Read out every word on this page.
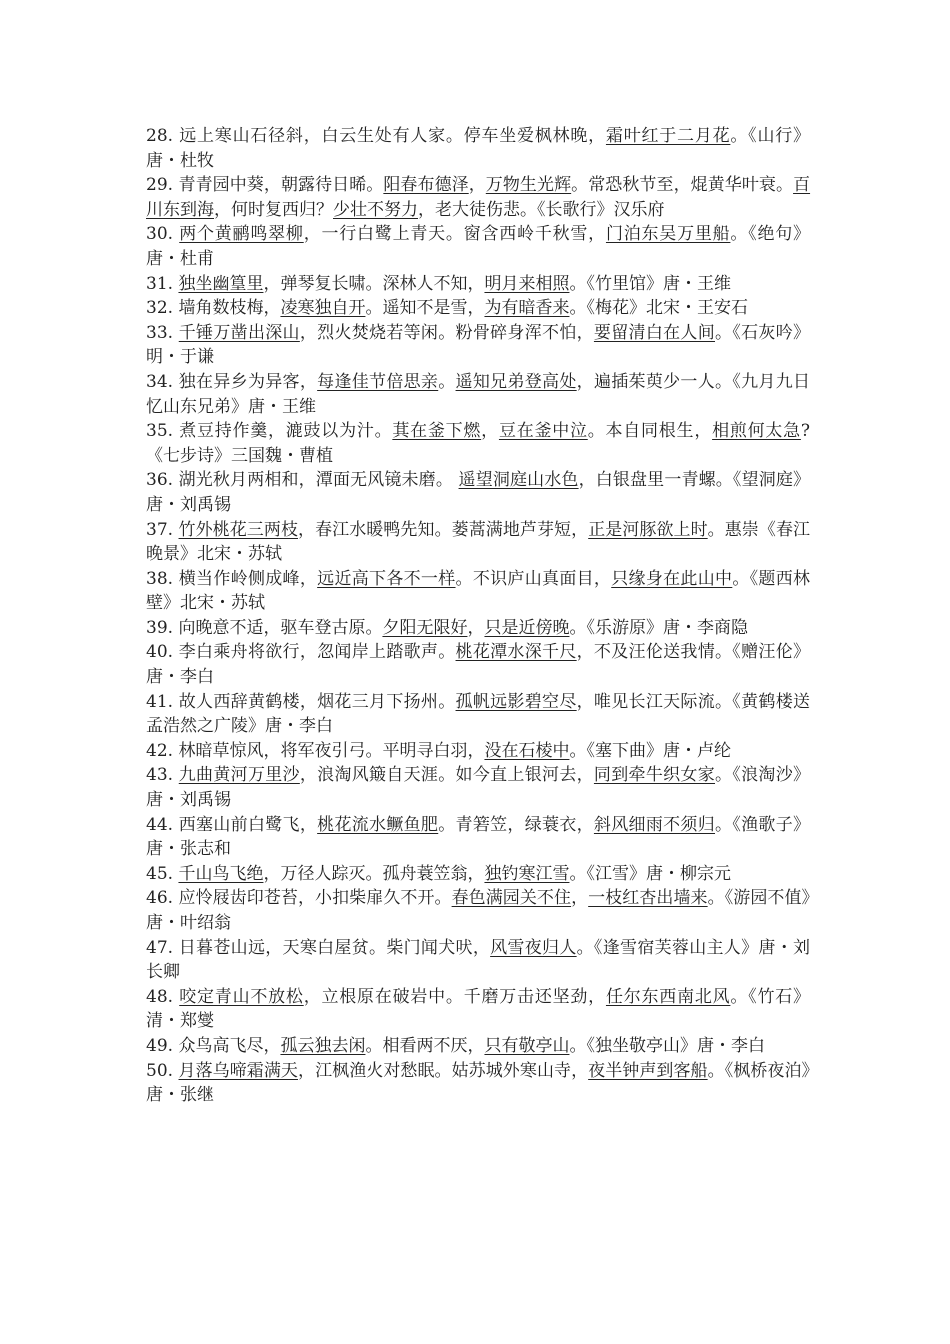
28. 远上寒山石径斜，白云生处有人家。停车坐爱枫林晚，霜叶红于二月花。《山行》唐・杜牧

29. 青青园中葵，朝露待日晞。阳春布德泽，万物生光辉。常恐秋节至，焜黄华叶衰。百川东到海，何时复西归？少壮不努力，老大徒伤悲。《长歌行》汉乐府

30. 两个黄鹂鸣翠柳，一行白鹭上青天。窗含西岭千秋雪，门泊东吴万里船。《绝句》唐・杜甫

31. 独坐幽篁里，弹琴复长啸。深林人不知，明月来相照。《竹里馆》唐・王维

32. 墙角数枝梅，凌寒独自开。遥知不是雪，为有暗香来。《梅花》北宋・王安石

33. 千锤万凿出深山，烈火焚烧若等闲。粉骨碎身浑不怕，要留清白在人间。《石灰吟》明・于谦

34. 独在异乡为异客，每逢佳节倍思亲。遥知兄弟登高处，遍插茱萸少一人。《九月九日忆山东兄弟》唐・王维

35. 煮豆持作羹，漉豉以为汁。萁在釜下燃，豆在釜中泣。本自同根生，相煎何太急?《七步诗》三国魏・曹植

36. 湖光秋月两相和，潭面无风镜未磨。 遥望洞庭山水色，白银盘里一青螺。《望洞庭》唐・刘禹锡

37. 竹外桃花三两枝，春江水暖鸭先知。蒌蒿满地芦芽短，正是河豚欲上时。惠崇《春江晚景》北宋・苏轼

38. 横当作岭侧成峰，远近高下各不一样。不识庐山真面目，只缘身在此山中。《题西林壁》北宋・苏轼

39. 向晚意不适，驱车登古原。夕阳无限好，只是近傍晚。《乐游原》唐・李商隐

40. 李白乘舟将欲行，忽闻岸上踏歌声。桃花潭水深千尺，不及汪伦送我情。《赠汪伦》唐・李白

41. 故人西辞黄鹤楼，烟花三月下扬州。孤帆远影碧空尽，唯见长江天际流。《黄鹤楼送孟浩然之广陵》唐・李白

42. 林暗草惊风，将军夜引弓。平明寻白羽，没在石棱中。《塞下曲》唐・卢纶

43. 九曲黄河万里沙，浪淘风簸自天涯。如今直上银河去，同到牵牛织女家。《浪淘沙》唐・刘禹锡

44. 西塞山前白鹭飞，桃花流水鳜鱼肥。青箬笠，绿蓑衣，斜风细雨不须归。《渔歌子》唐・张志和

45. 千山鸟飞绝，万径人踪灭。孤舟蓑笠翁，独钓寒江雪。《江雪》唐・柳宗元

46. 应怜屐齿印苍苔，小扣柴扉久不开。春色满园关不住，一枝红杏出墙来。《游园不值》唐・叶绍翁

47. 日暮苍山远，天寒白屋贫。柴门闻犬吠，风雪夜归人。《逢雪宿芙蓉山主人》唐・刘长卿

48. 咬定青山不放松，立根原在破岩中。千磨万击还坚劲，任尔东西南北风。《竹石》清・郑燮

49. 众鸟高飞尽，孤云独去闲。相看两不厌，只有敬亭山。《独坐敬亭山》唐・李白

50. 月落乌啼霜满天，江枫渔火对愁眠。姑苏城外寒山寺，夜半钟声到客船。《枫桥夜泊》唐・张继
